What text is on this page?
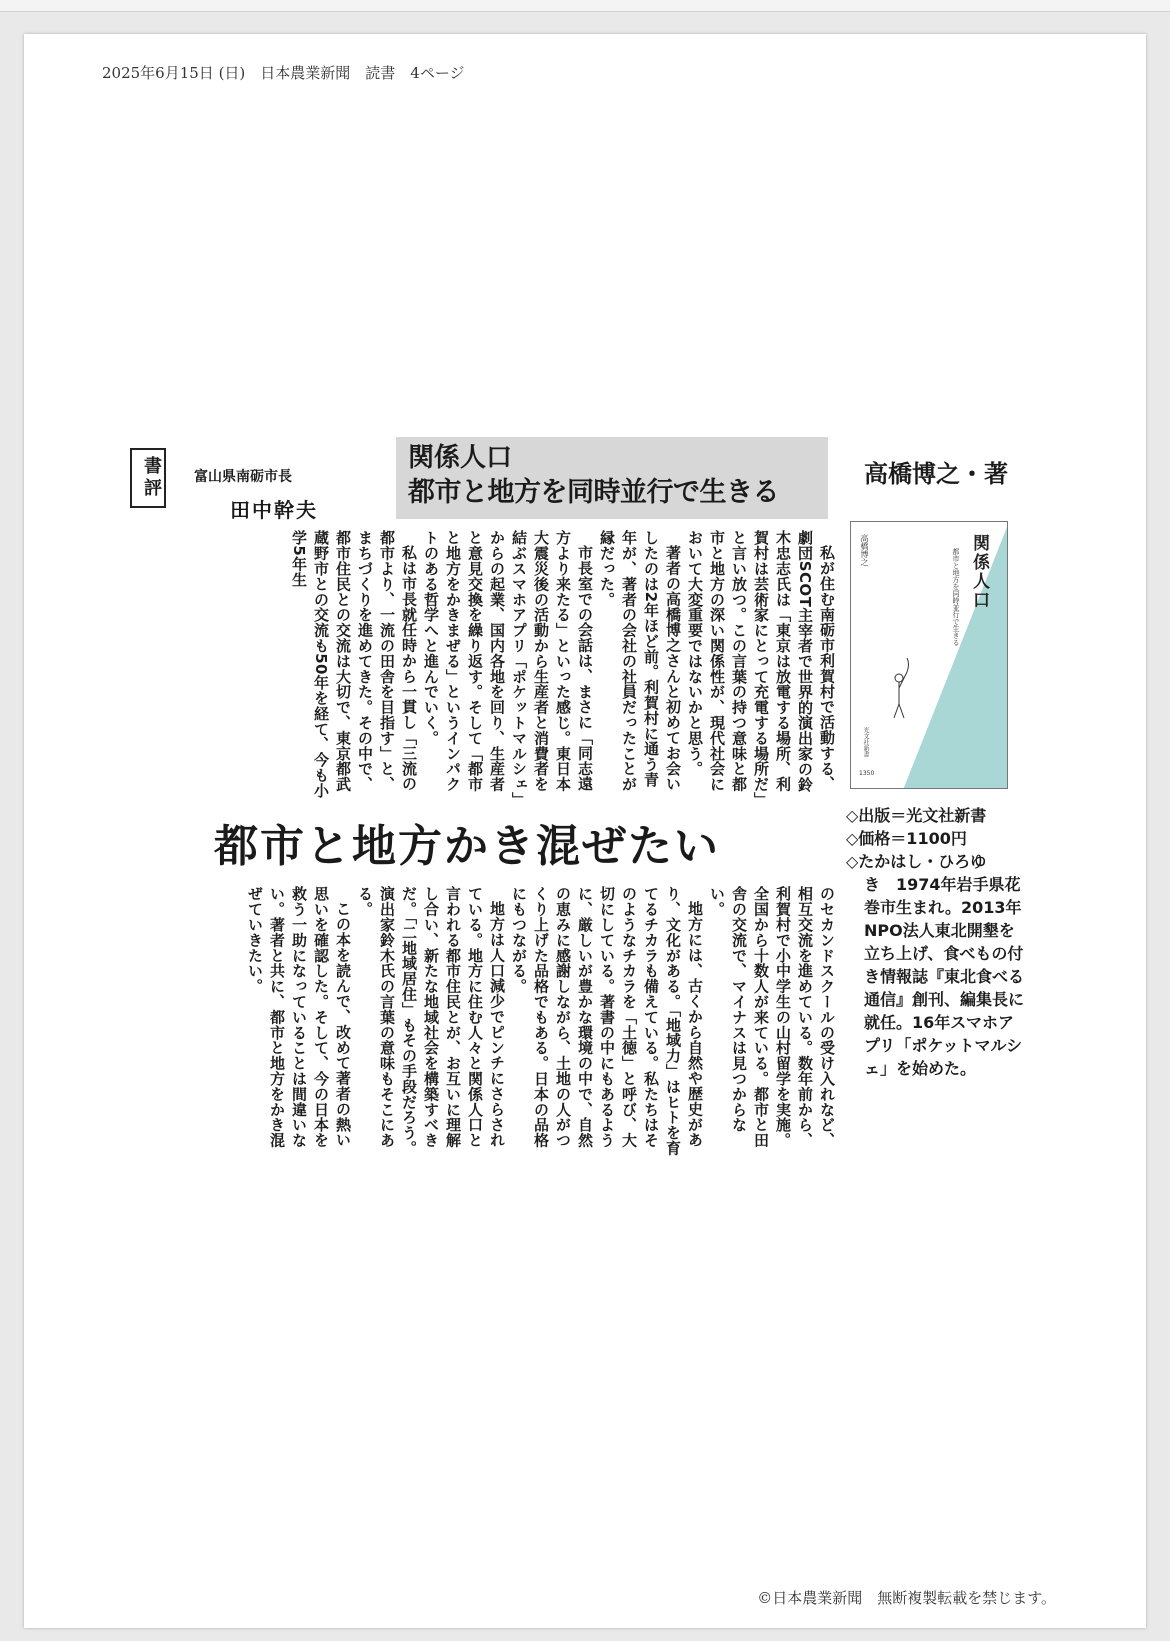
2025年6月15日 (日)　日本農業新聞　読書　4ページ
書評 富山県南砺市長
田中幹夫
関係人口
都市と地方を同時並行で生きる
高橋博之・著

私が住む南砺市利賀村で活動する、劇団SCOT主宰者で世界的演出家の鈴木忠志氏は「東京は放電する場所、利賀村は芸術家にとって充電する場所だ」と言い放つ。この言葉の持つ意味と都市と地方の深い関係性が、現代社会において大変重要ではないかと思う。

著者の高橋博之さんと初めてお会いしたのは2年ほど前。利賀村に通う青年が、著者の会社の社員だったことが縁だった。

市長室での会話は、まさに「同志遠方より来たる」といった感じ。東日本大震災後の活動から生産者と消費者を結ぶスマホアプリ「ポケットマルシェ」からの起業、国内各地を回り、生産者と意見交換を繰り返す。そして「都市と地方をかきまぜる」というインパクトのある哲学へと進んでいく。

私は市長就任時から一貫し「三流の都市より、一流の田舎を目指す」と、まちづくりを進めてきた。その中で、都市住民との交流は大切で、東京都武蔵野市との交流も50年を経て、今も小学5年生

都市と地方かき混ぜたい

のセカンドスクールの受け入れなど、相互交流を進めている。数年前から、利賀村で小中学生の山村留学を実施。全国から十数人が来ている。都市と田舎の交流で、マイナスは見つからない。

地方には、古くから自然や歴史があり、文化がある。「地域力」はヒトを育てるチカラも備えている。私たちはそのようなチカラを「土徳」と呼び、大切にしている。著書の中にもあるように、厳しいが豊かな環境の中で、自然の恵みに感謝しながら、土地の人がつくり上げた品格でもある。日本の品格にもつながる。

地方は人口減少でピンチにさらされている。地方に住む人々と関係人口と言われる都市住民とが、お互いに理解し合い、新たな地域社会を構築すべきだ。「二地域居住」もその手段だろう。演出家鈴木氏の言葉の意味もそこにある。

この本を読んで、改めて著者の熱い思いを確認した。そして、今の日本を救う一助になっていることは間違いない。著者と共に、都市と地方をかき混ぜていきたい。

関係人口
都市と地方を同時並行で生きる
高橋博之
光文社新書
1350
◇出版＝光文社新書
◇価格＝1100円
◇たかはし・ひろゆ
き　1974年岩手県花巻市生まれ。2013年NPO法人東北開墾を立ち上げ、食べもの付き情報誌『東北食べる通信』創刊、編集長に就任。16年スマホアプリ「ポケットマルシェ」を始めた。
©日本農業新聞　無断複製転載を禁じます。
